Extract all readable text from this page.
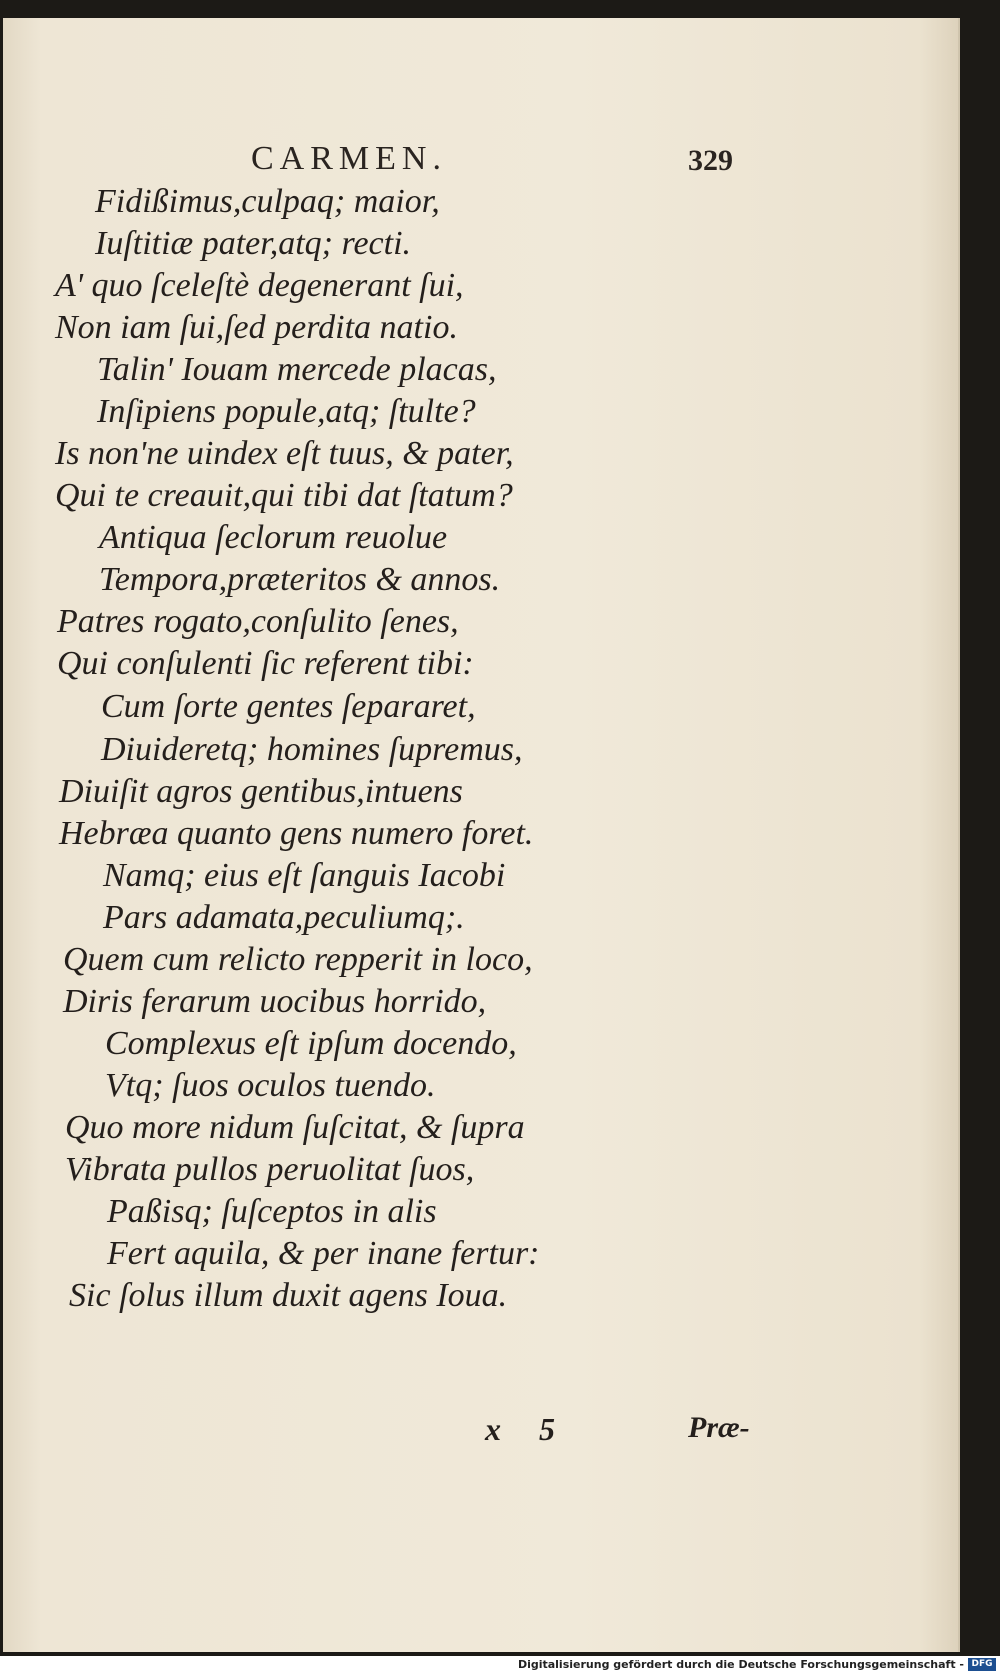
CARMEN.	329
Fidißimus,culpaq; maior,
Iuſtitiæ pater,atq; recti.
A' quo ſceleſtè degenerant ſui,
Non iam ſui,ſed perdita natio.
Talin' Iouam mercede placas,
Inſipiens popule,atq; ſtulte?
Is non'ne uindex eſt tuus, & pater,
Qui te creauit,qui tibi dat ſtatum?
Antiqua ſeclorum reuolue
Tempora,præteritos & annos.
Patres rogato,conſulito ſenes,
Qui conſulenti ſic referent tibi:
Cum ſorte gentes ſepararet,
Diuideretq; homines ſupremus,
Diuiſit agros gentibus,intuens
Hebræa quanto gens numero foret.
Namq; eius eſt ſanguis Iacobi
Pars adamata,peculiumq;.
Quem cum relicto repperit in loco,
Diris ferarum uocibus horrido,
Complexus eſt ipſum docendo,
Vtq; ſuos oculos tuendo.
Quo more nidum ſuſcitat, & ſupra
Vibrata pullos peruolitat ſuos,
Paßisq; ſuſceptos in alis
Fert aquila, & per inane fertur:
Sic ſolus illum duxit agens Ioua.
x 5	Præ-
Digitalisierung gefördert durch die Deutsche Forschungsgemeinschaft - DFG
